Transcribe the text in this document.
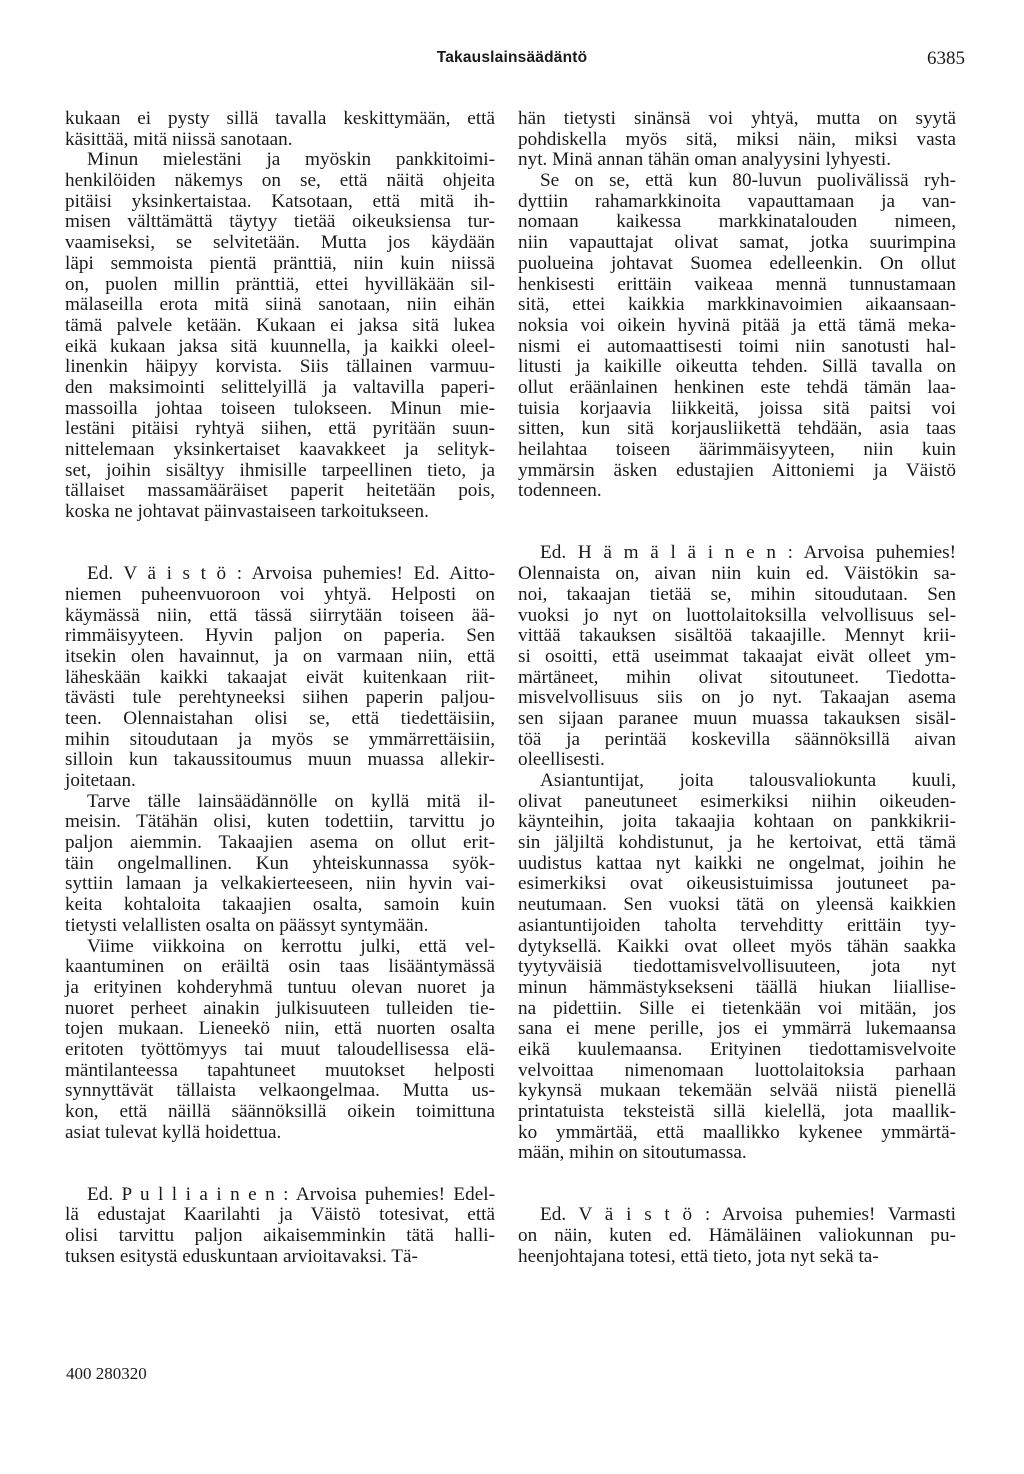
Takauslainsäädäntö	6385
kukaan ei pysty sillä tavalla keskittymään, että
käsittää, mitä niissä sanotaan.
Minun mielestäni ja myöskin pankkitoimi-
henkilöiden näkemys on se, että näitä ohjeita
pitäisi yksinkertaistaa. Katsotaan, että mitä ih-
misen välttämättä täytyy tietää oikeuksiensa tur-
vaamiseksi, se selvitetään. Mutta jos käydään
läpi semmoista pientä pränttiä, niin kuin niissä
on, puolen millin pränttiä, ettei hyvilläkään sil-
mälaseilla erota mitä siinä sanotaan, niin eihän
tämä palvele ketään. Kukaan ei jaksa sitä lukea
eikä kukaan jaksa sitä kuunnella, ja kaikki oleel-
linenkin häipyy korvista. Siis tällainen varmuu-
den maksimointi selittelyillä ja valtavilla paperi-
massoilla johtaa toiseen tulokseen. Minun mie-
lestäni pitäisi ryhtyä siihen, että pyritään suun-
nittelemaan yksinkertaiset kaavakkeet ja selityk-
set, joihin sisältyy ihmisille tarpeellinen tieto, ja
tällaiset massamääräiset paperit heitetään pois,
koska ne johtavat päinvastaiseen tarkoitukseen.
Ed. V ä i s t ö : Arvoisa puhemies! Ed. Aitto-
niemen puheenvuoroon voi yhtyä. Helposti on
käymässä niin, että tässä siirrytään toiseen ää-
rimmäisyyteen. Hyvin paljon on paperia. Sen
itsekin olen havainnut, ja on varmaan niin, että
läheskään kaikki takaajat eivät kuitenkaan riit-
tävästi tule perehtyneeksi siihen paperin paljou-
teen. Olennaistahan olisi se, että tiedettäisiin,
mihin sitoudutaan ja myös se ymmärrettäisiin,
silloin kun takaussitoumus muun muassa allekir-
joitetaan.
Tarve tälle lainsäädännölle on kyllä mitä il-
meisin. Tätähän olisi, kuten todettiin, tarvittu jo
paljon aiemmin. Takaajien asema on ollut erit-
täin ongelmallinen. Kun yhteiskunnassa syök-
syttiin lamaan ja velkakierteeseen, niin hyvin vai-
keita kohtaloita takaajien osalta, samoin kuin
tietysti velallisten osalta on päässyt syntymään.
Viime viikkoina on kerrottu julki, että vel-
kaantuminen on eräiltä osin taas lisääntymässä
ja erityinen kohderyhmä tuntuu olevan nuoret ja
nuoret perheet ainakin julkisuuteen tulleiden tie-
tojen mukaan. Lieneekö niin, että nuorten osalta
eritoten työttömyys tai muut taloudellisessa elä-
mäntilanteessa tapahtuneet muutokset helposti
synnyttävät tällaista velkaongelmaa. Mutta us-
kon, että näillä säännöksillä oikein toimittuna
asiat tulevat kyllä hoidettua.
Ed. P u l l i a i n e n : Arvoisa puhemies! Edel-
lä edustajat Kaarilahti ja Väistö totesivat, että
olisi tarvittu paljon aikaisemminkin tätä halli-
tuksen esitystä eduskuntaan arvioitavaksi. Tä-
hän tietysti sinänsä voi yhtyä, mutta on syytä
pohdiskella myös sitä, miksi näin, miksi vasta
nyt. Minä annan tähän oman analyysini lyhyesti.
Se on se, että kun 80-luvun puolivälissä ryh-
dyttiin rahamarkkinoita vapauttamaan ja van-
nomaan kaikessa markkinatalouden nimeen,
niin vapauttajat olivat samat, jotka suurimpina
puolueina johtavat Suomea edelleenkin. On ollut
henkisesti erittäin vaikeaa mennä tunnustamaan
sitä, ettei kaikkia markkinavoimien aikaansaan-
noksia voi oikein hyvinä pitää ja että tämä meka-
nismi ei automaattisesti toimi niin sanotusti hal-
litusti ja kaikille oikeutta tehden. Sillä tavalla on
ollut eräänlainen henkinen este tehdä tämän laa-
tuisia korjaavia liikkeitä, joissa sitä paitsi voi
sitten, kun sitä korjausliikettä tehdään, asia taas
heilahtaa toiseen äärimmäisyyteen, niin kuin
ymmärsin äsken edustajien Aittoniemi ja Väistö
todenneen.
Ed. H ä m ä l ä i n e n : Arvoisa puhemies!
Olennaista on, aivan niin kuin ed. Väistökin sa-
noi, takaajan tietää se, mihin sitoudutaan. Sen
vuoksi jo nyt on luottolaitoksilla velvollisuus sel-
vittää takauksen sisältöä takaajille. Mennyt krii-
si osoitti, että useimmat takaajat eivät olleet ym-
märtäneet, mihin olivat sitoutuneet. Tiedotta-
misvelvollisuus siis on jo nyt. Takaajan asema
sen sijaan paranee muun muassa takauksen sisäl-
töä ja perintää koskevilla säännöksillä aivan
oleellisesti.
Asiantuntijat, joita talousvaliokunta kuuli,
olivat paneutuneet esimerkiksi niihin oikeuden-
käynteihin, joita takaajia kohtaan on pankkikrii-
sin jäljiltä kohdistunut, ja he kertoivat, että tämä
uudistus kattaa nyt kaikki ne ongelmat, joihin he
esimerkiksi ovat oikeusistuimissa joutuneet pa-
neutumaan. Sen vuoksi tätä on yleensä kaikkien
asiantuntijoiden taholta tervehditty erittäin tyy-
dytyksellä. Kaikki ovat olleet myös tähän saakka
tyytyväisiä tiedottamisvelvollisuuteen, jota nyt
minun hämmästyksekseni täällä hiukan liiallise-
na pidettiin. Sille ei tietenkään voi mitään, jos
sana ei mene perille, jos ei ymmärrä lukemaansa
eikä kuulemaansa. Erityinen tiedottamisvelvoite
velvoittaa nimenomaan luottolaitoksia parhaan
kykynsä mukaan tekemään selvää niistä pienellä
printatuista teksteistä sillä kielellä, jota maallik-
ko ymmärtää, että maallikko kykenee ymmärtä-
mään, mihin on sitoutumassa.
Ed. V ä i s t ö : Arvoisa puhemies! Varmasti
on näin, kuten ed. Hämäläinen valiokunnan pu-
heenjohtajana totesi, että tieto, jota nyt sekä ta-
400 280320
